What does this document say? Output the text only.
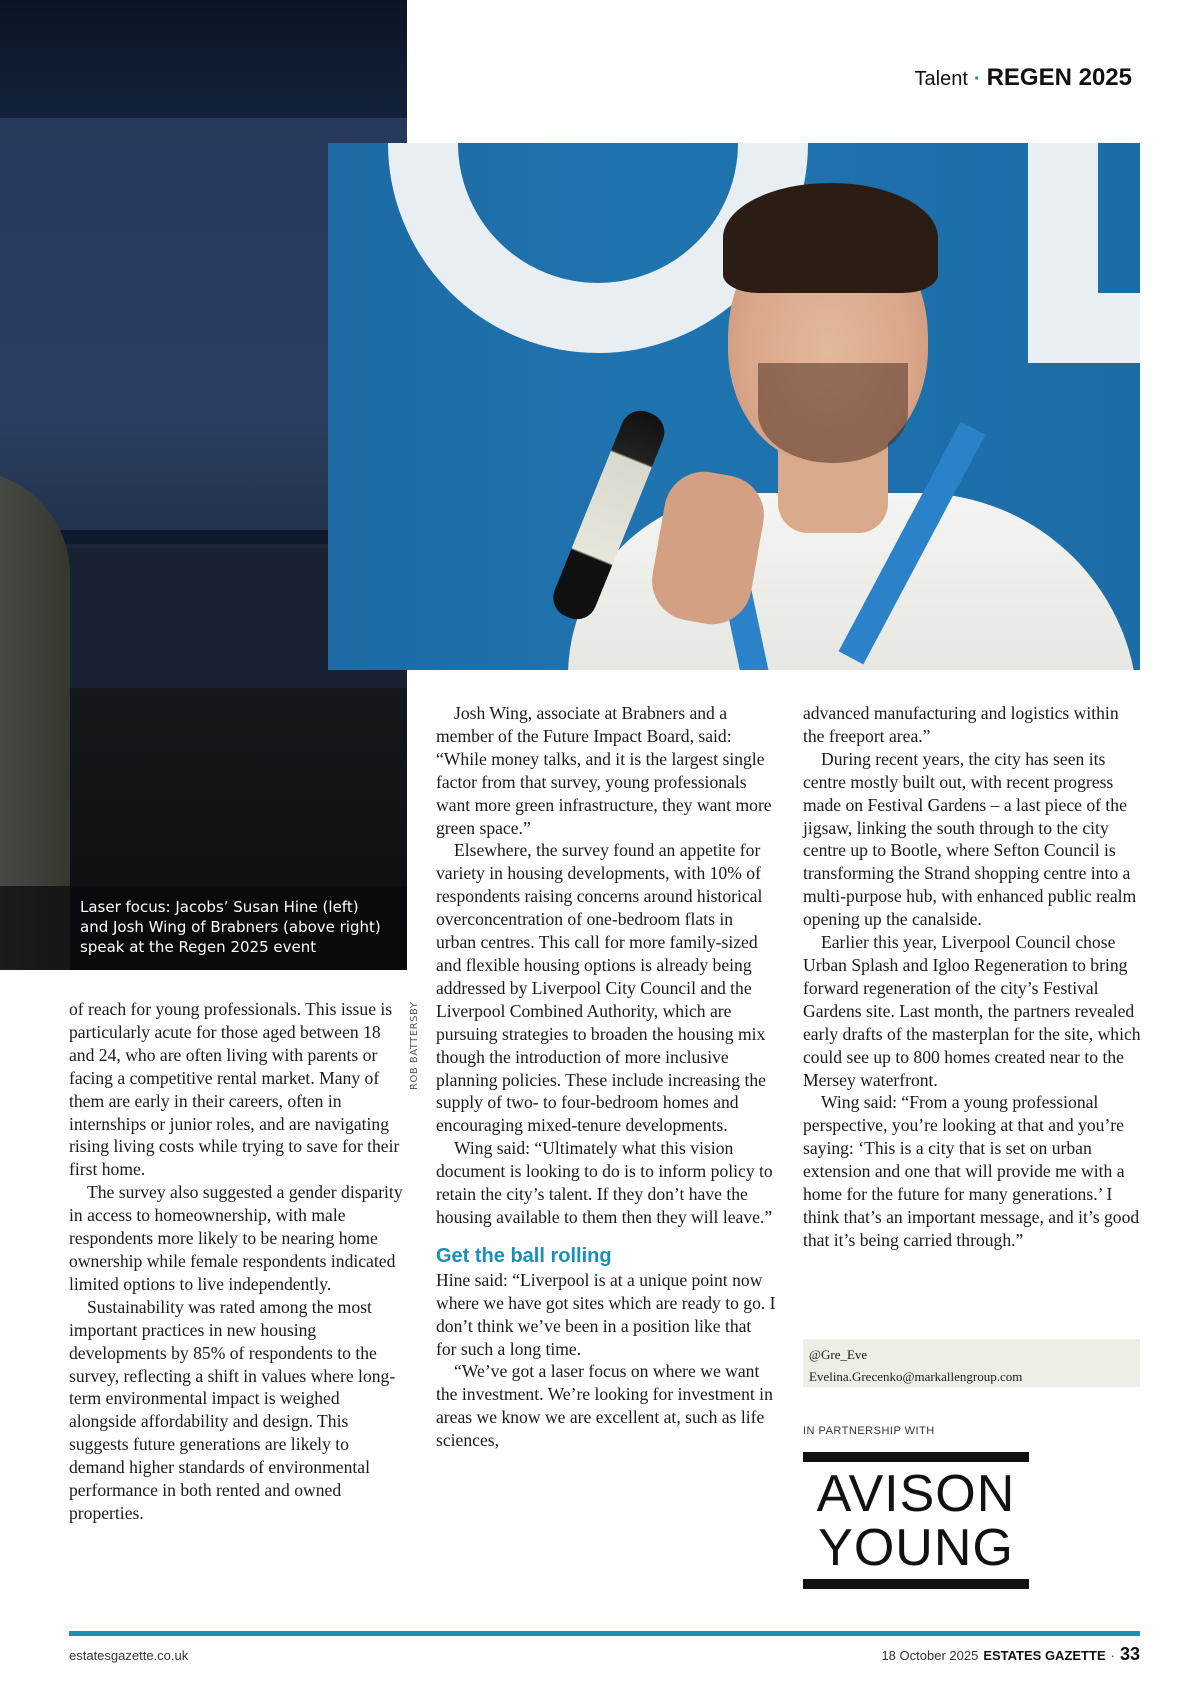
Laser focus: Jacobs’ Susan Hine (left)
and Josh Wing of Brabners (above right)
speak at the Regen 2025 event
ROB BATTERSBY
Talent · REGEN 2025

of reach for young professionals. This issue is particularly acute for those aged between 18 and 24, who are often living with parents or facing a competitive rental market. Many of them are early in their careers, often in internships or junior roles, and are navigating rising living costs while trying to save for their first home.

The survey also suggested a gender disparity in access to homeownership, with male respondents more likely to be nearing home ownership while female respondents indicated limited options to live independently.

Sustainability was rated among the most important practices in new housing developments by 85% of respondents to the survey, reflecting a shift in values where long-term environmental impact is weighed alongside affordability and design. This suggests future generations are likely to demand higher standards of environmental performance in both rented and owned properties.

Josh Wing, associate at Brabners and a member of the Future Impact Board, said: “While money talks, and it is the largest single factor from that survey, young professionals want more green infrastructure, they want more green space.”

Elsewhere, the survey found an appetite for variety in housing developments, with 10% of respondents raising concerns around historical overconcentration of one-bedroom flats in urban centres. This call for more family-sized and flexible housing options is already being addressed by Liverpool City Council and the Liverpool Combined Authority, which are pursuing strategies to broaden the housing mix though the introduction of more inclusive planning policies. These include increasing the supply of two- to four-bedroom homes and encouraging mixed-tenure developments.

Wing said: “Ultimately what this vision document is looking to do is to inform policy to retain the city’s talent. If they don’t have the housing available to them then they will leave.”

Get the ball rolling

Hine said: “Liverpool is at a unique point now where we have got sites which are ready to go. I don’t think we’ve been in a position like that for such a long time.

“We’ve got a laser focus on where we want the investment. We’re looking for investment in areas we know we are excellent at, such as life sciences,

advanced manufacturing and logistics within the freeport area.”

During recent years, the city has seen its centre mostly built out, with recent progress made on Festival Gardens – a last piece of the jigsaw, linking the south through to the city centre up to Bootle, where Sefton Council is transforming the Strand shopping centre into a multi-purpose hub, with enhanced public realm opening up the canalside.

Earlier this year, Liverpool Council chose Urban Splash and Igloo Regeneration to bring forward regeneration of the city’s Festival Gardens site. Last month, the partners revealed early drafts of the masterplan for the site, which could see up to 800 homes created near to the Mersey waterfront.

Wing said: “From a young professional perspective, you’re looking at that and you’re saying: ‘This is a city that is set on urban extension and one that will provide me with a home for the future for many generations.’ I think that’s an important message, and it’s good that it’s being carried through.”

@Gre_Eve
Evelina.Grecenko@markallengroup.com
IN PARTNERSHIP WITH
AVISON
YOUNG
estatesgazette.co.uk	18 October 2025 ESTATES GAZETTE · 33
